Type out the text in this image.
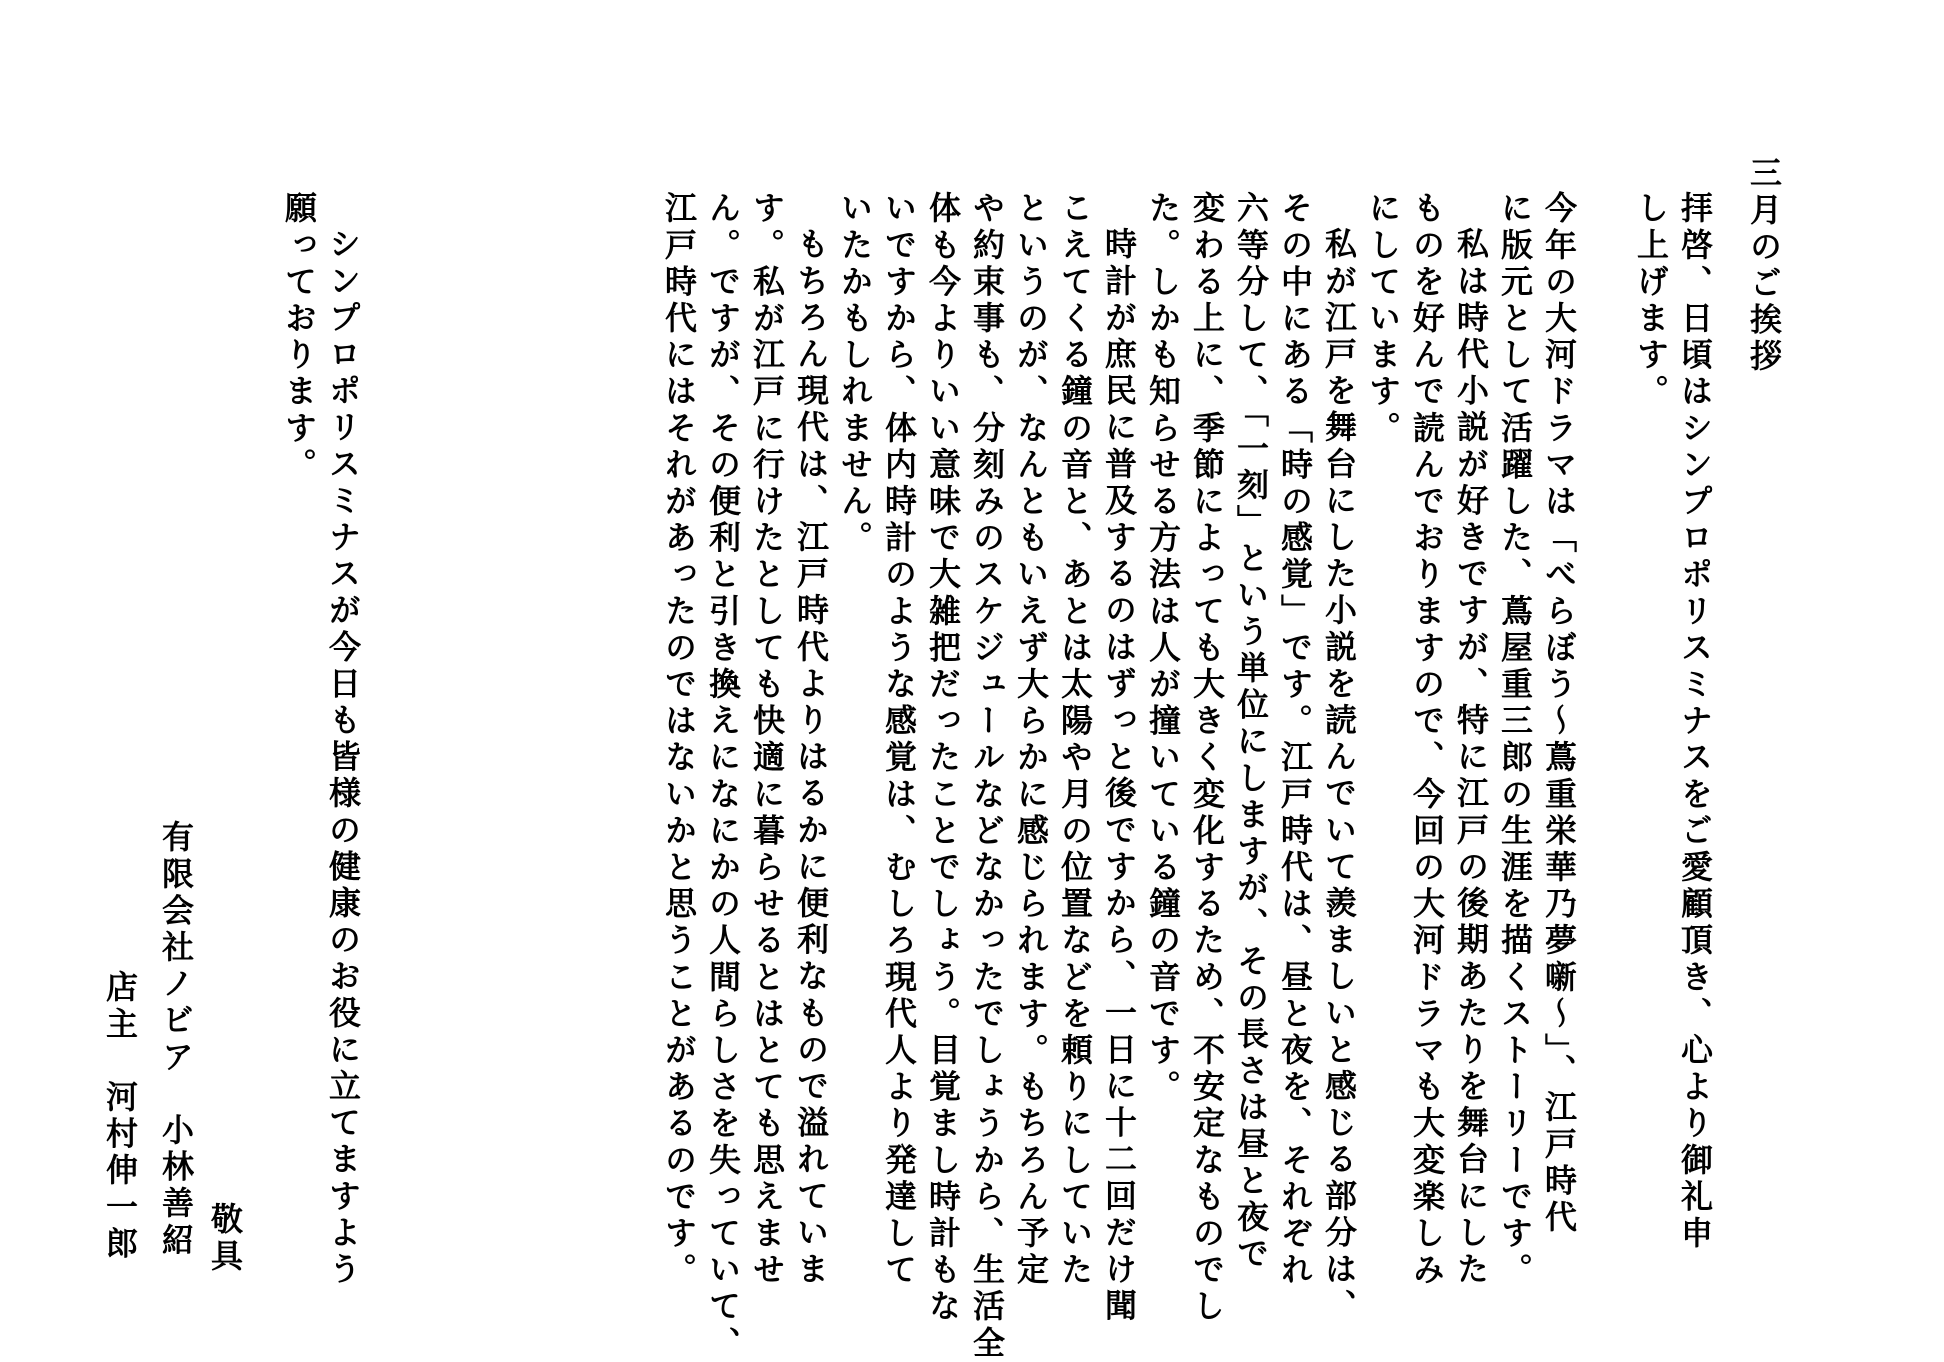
三月のご挨拶
拝啓、日頃はシンプロポリスミナスをご愛顧頂き、心より御礼申
し上げます。
今年の大河ドラマは「べらぼう〜蔦重栄華乃夢噺〜」、江戸時代
に版元として活躍した、蔦屋重三郎の生涯を描くストーリーです。
私は時代小説が好きですが、特に江戸の後期あたりを舞台にした
ものを好んで読んでおりますので、今回の大河ドラマも大変楽しみ
にしています。
私が江戸を舞台にした小説を読んでいて羨ましいと感じる部分は、
その中にある「時の感覚」です。江戸時代は、昼と夜を、それぞれ
六等分して、「一刻」という単位にしますが、その長さは昼と夜で
変わる上に、季節によっても大きく変化するため、不安定なものでし
た。しかも知らせる方法は人が撞いている鐘の音です。
時計が庶民に普及するのはずっと後ですから、一日に十二回だけ聞
こえてくる鐘の音と、あとは太陽や月の位置などを頼りにしていた
というのが、なんともいえず大らかに感じられます。もちろん予定
や約束事も、分刻みのスケジュールなどなかったでしょうから、生活全
体も今よりいい意味で大雑把だったことでしょう。目覚まし時計もな
いですから、体内時計のような感覚は、むしろ現代人より発達して
いたかもしれません。
もちろん現代は、江戸時代よりはるかに便利なもので溢れていま
す。私が江戸に行けたとしても快適に暮らせるとはとても思えませ
ん。ですが、その便利と引き換えになにかの人間らしさを失っていて、
江戸時代にはそれがあったのではないかと思うことがあるのです。
シンプロポリスミナスが今日も皆様の健康のお役に立てますよう
願っております。
敬具
有限会社ノビア　小林善紹
店主　河村伸一郎
